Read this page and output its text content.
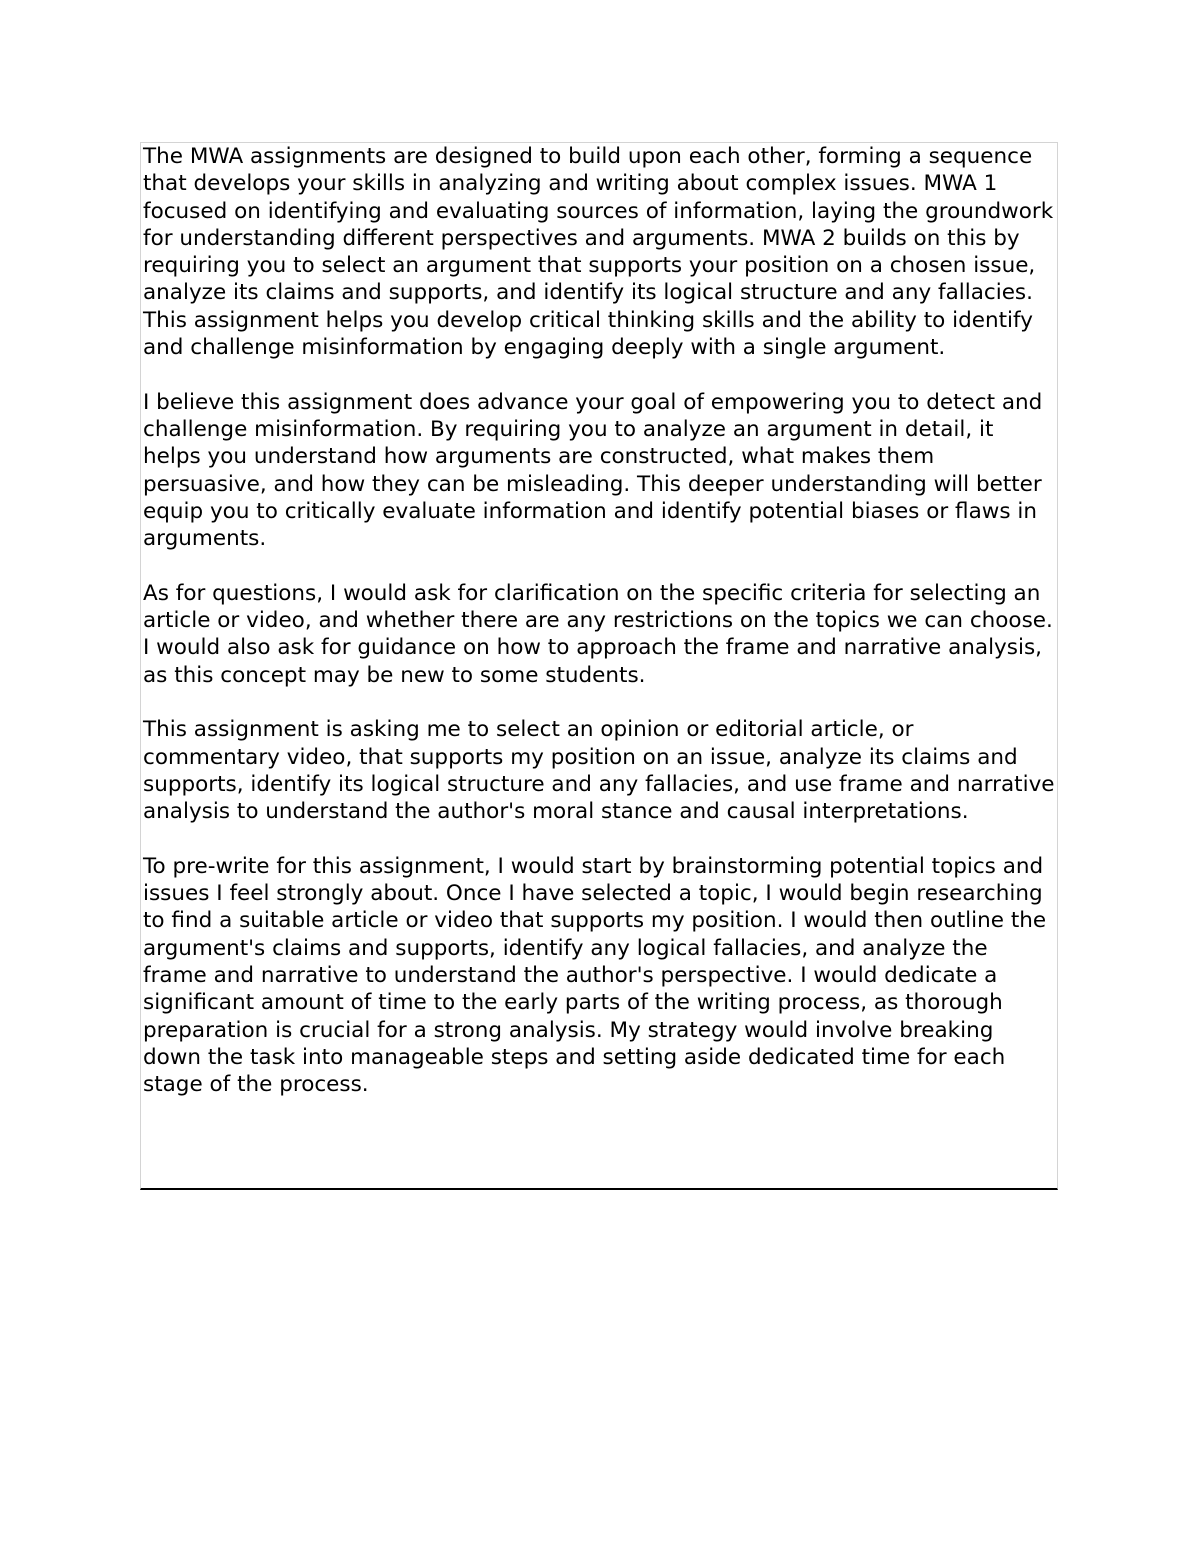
The MWA assignments are designed to build upon each other, forming a sequence that develops your skills in analyzing and writing about complex issues. MWA 1 focused on identifying and evaluating sources of information, laying the groundwork for understanding different perspectives and arguments. MWA 2 builds on this by requiring you to select an argument that supports your position on a chosen issue, analyze its claims and supports, and identify its logical structure and any fallacies. This assignment helps you develop critical thinking skills and the ability to identify and challenge misinformation by engaging deeply with a single argument.

I believe this assignment does advance your goal of empowering you to detect and challenge misinformation. By requiring you to analyze an argument in detail, it helps you understand how arguments are constructed, what makes them persuasive, and how they can be misleading. This deeper understanding will better equip you to critically evaluate information and identify potential biases or flaws in arguments.

As for questions, I would ask for clarification on the specific criteria for selecting an article or video, and whether there are any restrictions on the topics we can choose. I would also ask for guidance on how to approach the frame and narrative analysis, as this concept may be new to some students.

This assignment is asking me to select an opinion or editorial article, or commentary video, that supports my position on an issue, analyze its claims and supports, identify its logical structure and any fallacies, and use frame and narrative analysis to understand the author's moral stance and causal interpretations.

To pre-write for this assignment, I would start by brainstorming potential topics and issues I feel strongly about. Once I have selected a topic, I would begin researching to find a suitable article or video that supports my position. I would then outline the argument's claims and supports, identify any logical fallacies, and analyze the frame and narrative to understand the author's perspective. I would dedicate a significant amount of time to the early parts of the writing process, as thorough preparation is crucial for a strong analysis. My strategy would involve breaking down the task into manageable steps and setting aside dedicated time for each stage of the process.
